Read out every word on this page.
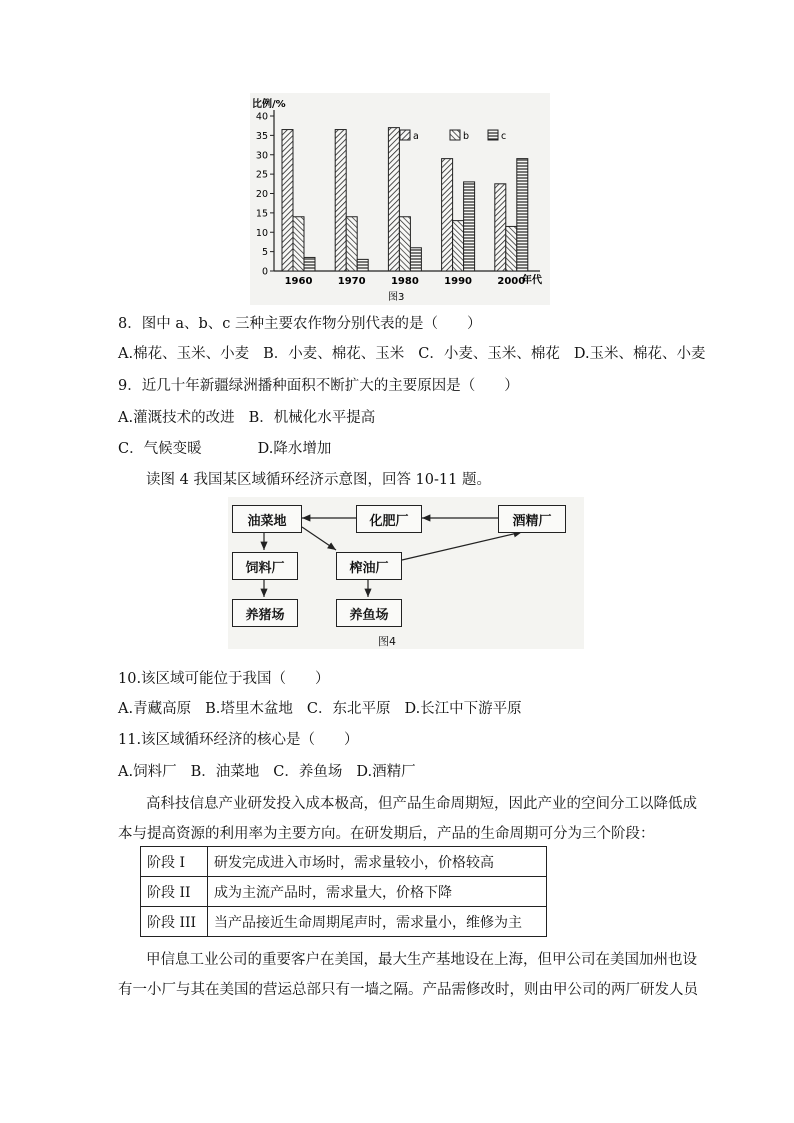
比例/%
年代
图3
0
5
10
15
20
25
30
35
40
1960	1970	1980	1990	2000
a	b	c
8．图中 a、b、c 三种主要农作物分别代表的是（　　）
A.棉花、玉米、小麦 B．小麦、棉花、玉米 C．小麦、玉米、棉花 D.玉米、棉花、小麦
9．近几十年新疆绿洲播种面积不断扩大的主要原因是（　　）
A.灌溉技术的改进 B．机械化水平提高
C．气候变暖	D.降水增加
读图 4 我国某区域循环经济示意图，回答 10-11 题。
油菜地	化肥厂	酒精厂
饲料厂	榨油厂
养猪场	养鱼场
图4
10.该区域可能位于我国（　　）
A.青藏高原 B.塔里木盆地 C．东北平原 D.长江中下游平原
11.该区域循环经济的核心是（　　）
A.饲料厂 B．油菜地 C．养鱼场 D.酒精厂
高科技信息产业研发投入成本极高，但产品生命周期短，因此产业的空间分工以降低成
本与提高资源的利用率为主要方向。在研发期后，产品的生命周期可分为三个阶段：
阶段 I	研发完成进入市场时，需求量较小，价格较高
阶段 II	成为主流产品时，需求量大，价格下降
阶段 III	当产品接近生命周期尾声时，需求量小，维修为主
甲信息工业公司的重要客户在美国，最大生产基地设在上海，但甲公司在美国加州也设
有一小厂与其在美国的营运总部只有一墙之隔。产品需修改时，则由甲公司的两厂研发人员
